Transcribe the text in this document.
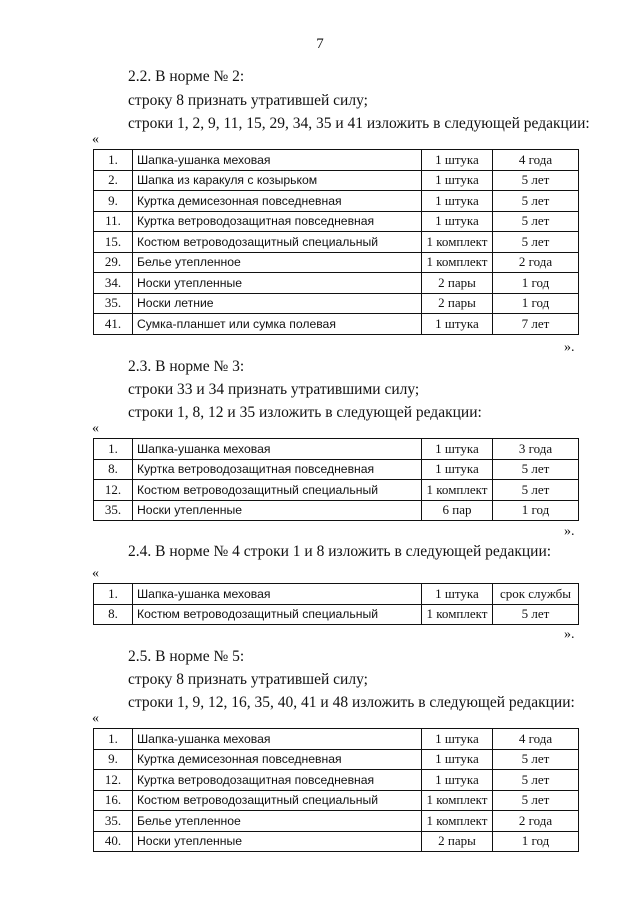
7
2.2. В норме № 2:
строку 8 признать утратившей силу;
строки 1, 2, 9, 11, 15, 29, 34, 35 и 41 изложить в следующей редакции:
«
1.	Шапка-ушанка меховая	1 штука	4 года
2.	Шапка из каракуля с козырьком	1 штука	5 лет
9.	Куртка демисезонная повседневная	1 штука	5 лет
11.	Куртка ветроводозащитная повседневная	1 штука	5 лет
15.	Костюм ветроводозащитный специальный	1 комплект	5 лет
29.	Белье утепленное	1 комплект	2 года
34.	Носки утепленные	2 пары	1 год
35.	Носки летние	2 пары	1 год
41.	Сумка-планшет или сумка полевая	1 штука	7 лет
».
2.3. В норме № 3:
строки 33 и 34 признать утратившими силу;
строки 1, 8, 12 и 35 изложить в следующей редакции:
«
1.	Шапка-ушанка меховая	1 штука	3 года
8.	Куртка ветроводозащитная повседневная	1 штука	5 лет
12.	Костюм ветроводозащитный специальный	1 комплект	5 лет
35.	Носки утепленные	6 пар	1 год
».
2.4. В норме № 4 строки 1 и 8 изложить в следующей редакции:
«
1.	Шапка-ушанка меховая	1 штука	срок службы
8.	Костюм ветроводозащитный специальный	1 комплект	5 лет
».
2.5. В норме № 5:
строку 8 признать утратившей силу;
строки 1, 9, 12, 16, 35, 40, 41 и 48 изложить в следующей редакции:
«
1.	Шапка-ушанка меховая	1 штука	4 года
9.	Куртка демисезонная повседневная	1 штука	5 лет
12.	Куртка ветроводозащитная повседневная	1 штука	5 лет
16.	Костюм ветроводозащитный специальный	1 комплект	5 лет
35.	Белье утепленное	1 комплект	2 года
40.	Носки утепленные	2 пары	1 год
